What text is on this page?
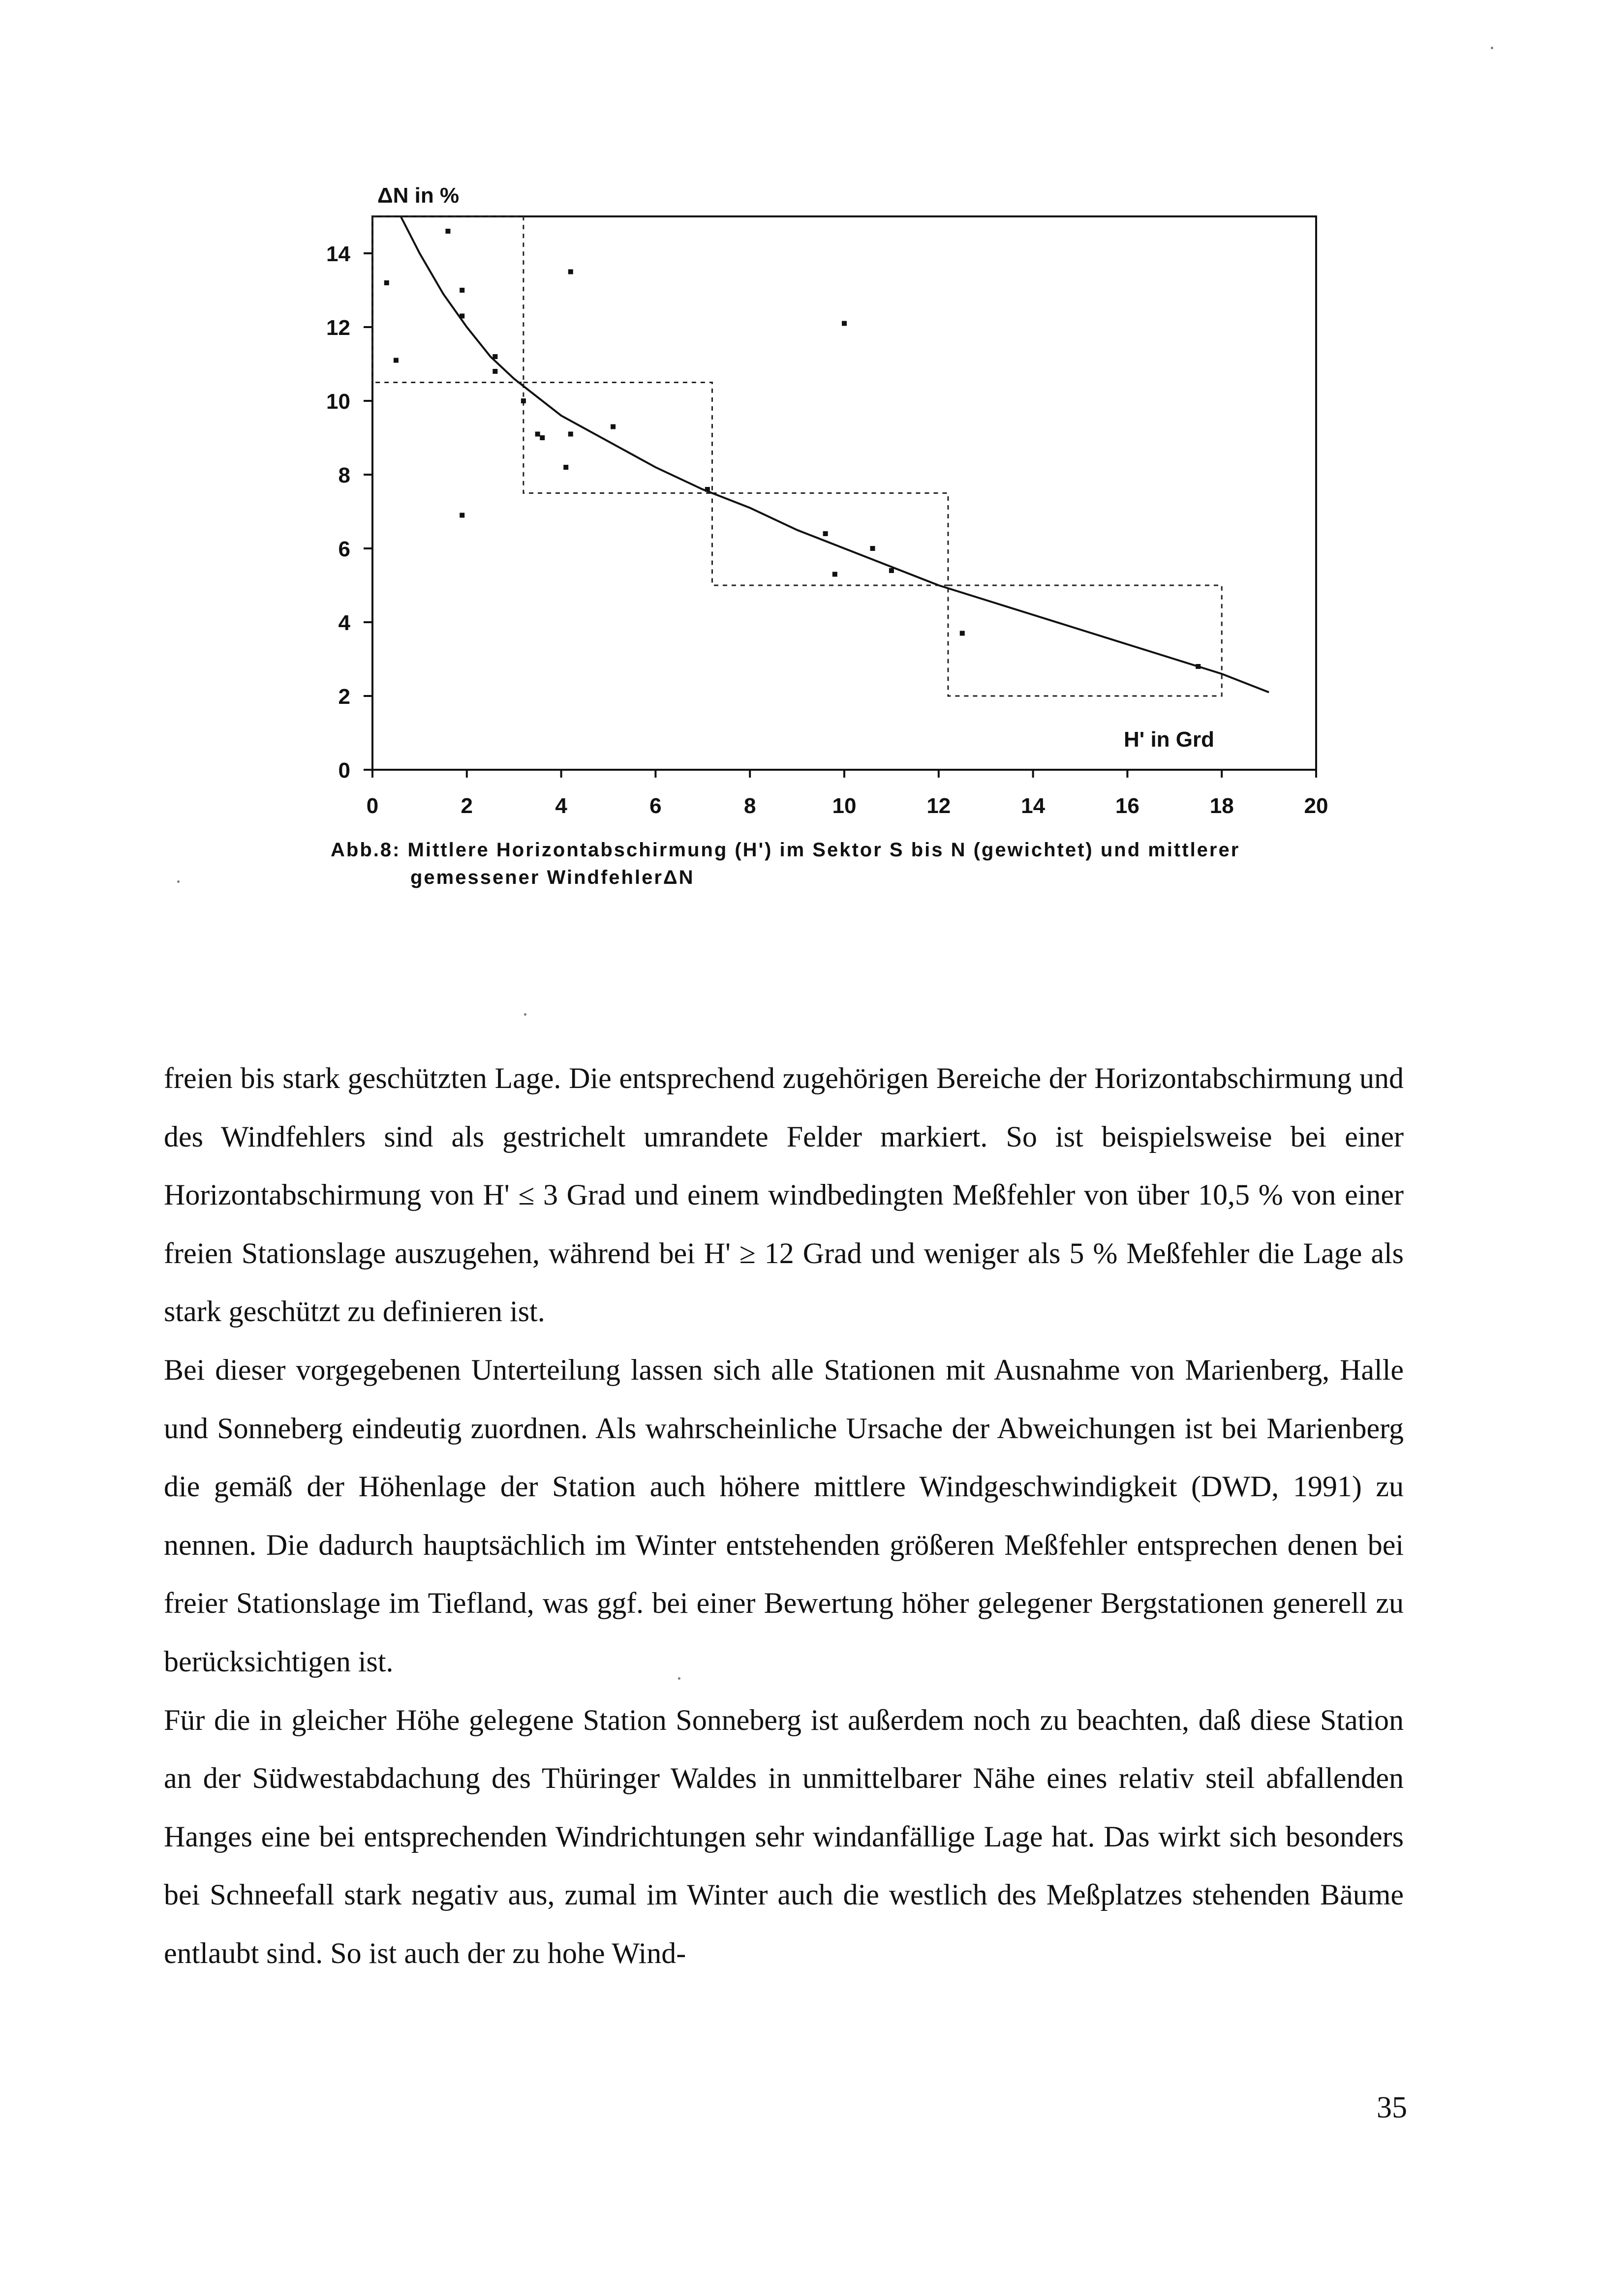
0	2	4	6	8	10	12	14	16	18	20
0
2
4
6
8
10
12
14
ΔN in %
H' in Grd
Abb.8: Mittlere Horizontabschirmung (H') im Sektor S bis N (gewichtet) und mittlerer
gemessener WindfehlerΔN

freien bis stark geschützten Lage. Die entsprechend zugehörigen Bereiche der Horizontabschirmung und des Windfehlers sind als gestrichelt umrandete Felder markiert. So ist beispielsweise bei einer Horizontabschirmung von H' ≤ 3 Grad und einem windbedingten Meßfehler von über 10,5 % von einer freien Stationslage auszugehen, während bei H' ≥ 12 Grad und weniger als 5 % Meßfehler die Lage als stark geschützt zu definieren ist.

Bei dieser vorgegebenen Unterteilung lassen sich alle Stationen mit Ausnahme von Marienberg, Halle und Sonneberg eindeutig zuordnen. Als wahrscheinliche Ursache der Abweichungen ist bei Marienberg die gemäß der Höhenlage der Station auch höhere mittlere Windgeschwindigkeit (DWD, 1991) zu nennen. Die dadurch hauptsächlich im Winter entstehenden größeren Meßfehler entsprechen denen bei freier Stationslage im Tiefland, was ggf. bei einer Bewertung höher gelegener Bergstationen generell zu berücksichtigen ist.

Für die in gleicher Höhe gelegene Station Sonneberg ist außerdem noch zu beachten, daß diese Station an der Südwestabdachung des Thüringer Waldes in unmittelbarer Nähe eines relativ steil abfallenden Hanges eine bei entsprechenden Windrichtungen sehr windanfällige Lage hat. Das wirkt sich besonders bei Schneefall stark negativ aus, zumal im Winter auch die westlich des Meßplatzes stehenden Bäume entlaubt sind. So ist auch der zu hohe Wind-

35
